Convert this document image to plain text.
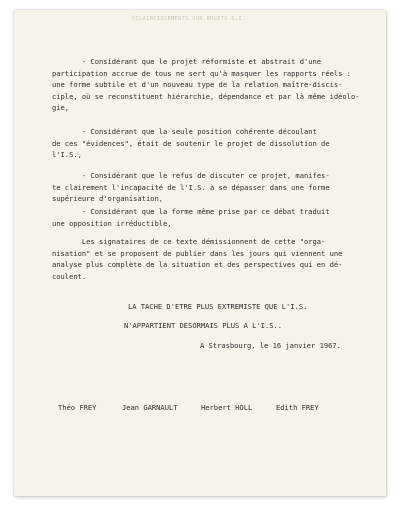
ÉCLAIRCISSEMENTS SUR BRUITS S.I.

- Considérant que le projet réformiste et abstrait d'une
participation accrue de tous ne sert qu'à masquer les rapports réels :
une forme subtile et d'un nouveau type de la relation maître-discis-
ciple, où se reconstituent hiérarchie, dépendance et par là même idéolo-
gie,

- Considérant que la seule position cohérente découlant
de ces "évidences", était de soutenir le projet de dissolution de
l'I.S.,

- Considérant que le refus de discuter ce projet, manifes-
te clairement l'incapacité de l'I.S. à se dépasser dans une forme
supérieure d'organisation,

- Considérant que la forme même prise par ce débat traduit
une opposition irréductible,

Les signataires de ce texte démissionnent de cette "orga-
nisation" et se proposent de publier dans les jours qui viennent une
analyse plus complète de la situation et des perspectives qui en dé-
coulent.

LA TACHE D'ETRE PLUS EXTREMISTE QUE L'I.S.
N'APPARTIENT DESORMAIS PLUS A L'I.S..
A Strasbourg, le 16 janvier 1967.
Théo FREY	Jean GARNAULT	Herbert HOLL	Edith FREY
